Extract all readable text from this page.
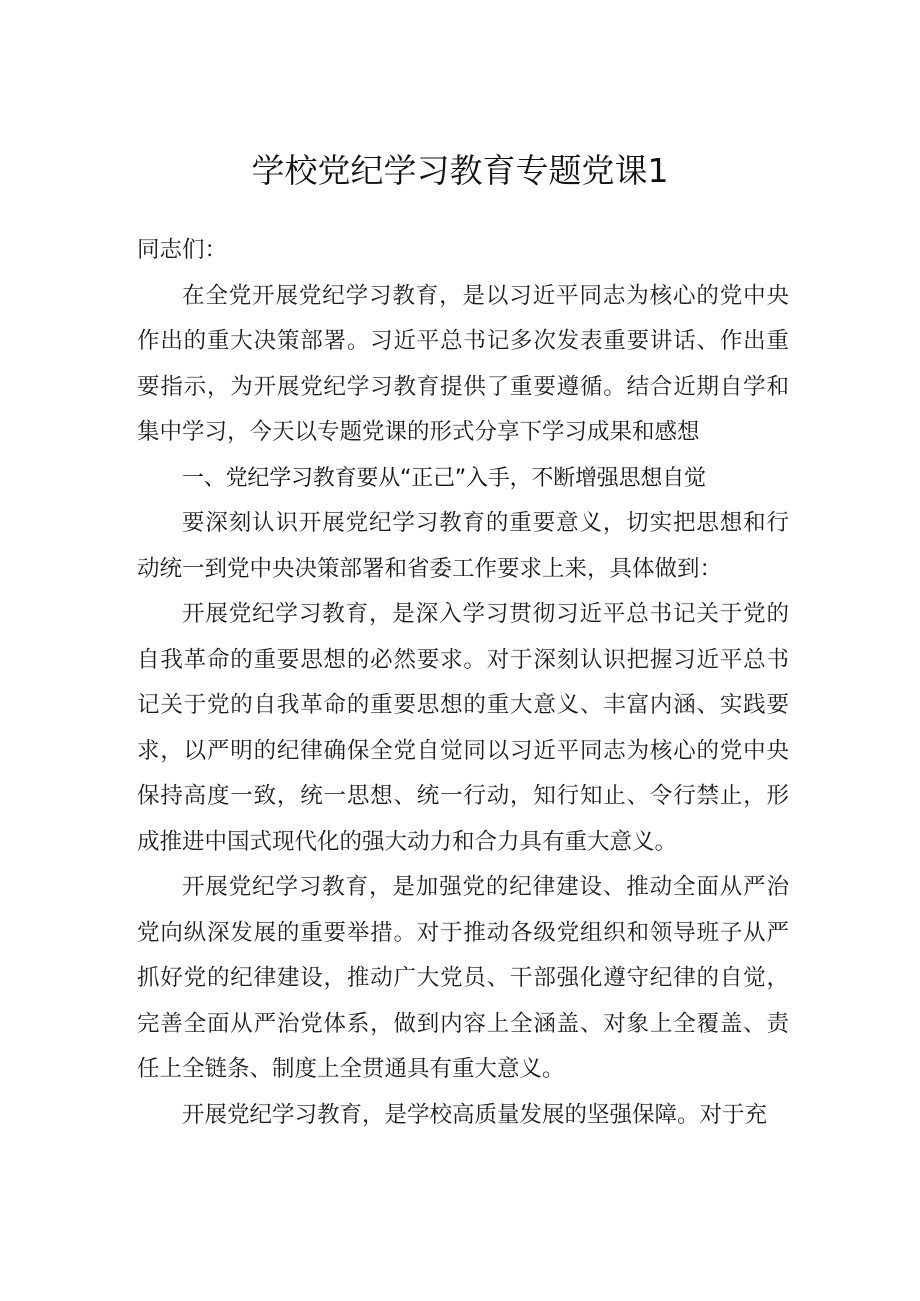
学校党纪学习教育专题党课1

同志们：

在全党开展党纪学习教育，是以习近平同志为核心的党中央作出的重大决策部署。习近平总书记多次发表重要讲话、作出重要指示，为开展党纪学习教育提供了重要遵循。结合近期自学和集中学习，今天以专题党课的形式分享下学习成果和感想

一、党纪学习教育要从“正己”入手，不断增强思想自觉

要深刻认识开展党纪学习教育的重要意义，切实把思想和行动统一到党中央决策部署和省委工作要求上来，具体做到：

开展党纪学习教育，是深入学习贯彻习近平总书记关于党的自我革命的重要思想的必然要求。对于深刻认识把握习近平总书记关于党的自我革命的重要思想的重大意义、丰富内涵、实践要求，以严明的纪律确保全党自觉同以习近平同志为核心的党中央保持高度一致，统一思想、统一行动，知行知止、令行禁止，形成推进中国式现代化的强大动力和合力具有重大意义。

开展党纪学习教育，是加强党的纪律建设、推动全面从严治党向纵深发展的重要举措。对于推动各级党组织和领导班子从严抓好党的纪律建设，推动广大党员、干部强化遵守纪律的自觉，完善全面从严治党体系，做到内容上全涵盖、对象上全覆盖、责任上全链条、制度上全贯通具有重大意义。

开展党纪学习教育，是学校高质量发展的坚强保障。对于充
